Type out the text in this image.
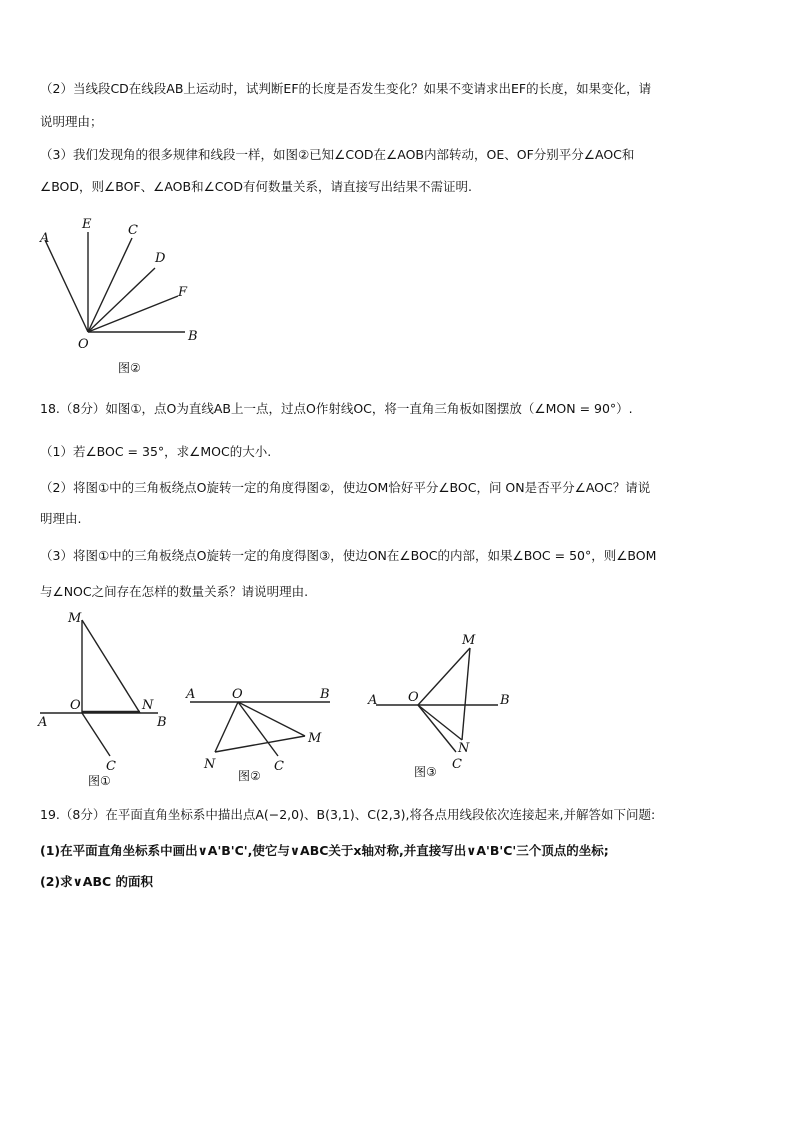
（2）当线段CD在线段AB上运动时，试判断EF的长度是否发生变化？如果不变请求出EF的长度，如果变化，请
说明理由；
（3）我们发现角的很多规律和线段一样，如图②已知∠COD在∠AOB内部转动，OE、OF分别平分∠AOC和
∠BOD，则∠BOF、∠AOB和∠COD有何数量关系，请直接写出结果不需证明.
A
E	C
D
F
B
O
图②
18.（8分）如图①，点O为直线AB上一点，过点O作射线OC，将一直角三角板如图摆放（∠MON = 90°）.
（1）若∠BOC = 35°，求∠MOC的大小.
（2）将图①中的三角板绕点O旋转一定的角度得图②，使边OM恰好平分∠BOC，问 ON是否平分∠AOC？请说
明理由.
（3）将图①中的三角板绕点O旋转一定的角度得图③，使边ON在∠BOC的内部，如果∠BOC = 50°，则∠BOM
与∠NOC之间存在怎样的数量关系？请说明理由.
M
O	N
A	B
C
图①
A	O	B
M
N	C
图②
M
A O	B
N
C
图③
19.（8分）在平面直角坐标系中描出点A(−2,0)、B(3,1)、C(2,3),将各点用线段依次连接起来,并解答如下问题:
(1)在平面直角坐标系中画出∨A'B'C',使它与∨ABC关于x轴对称,并直接写出∨A'B'C'三个顶点的坐标;
(2)求∨ABC 的面积
